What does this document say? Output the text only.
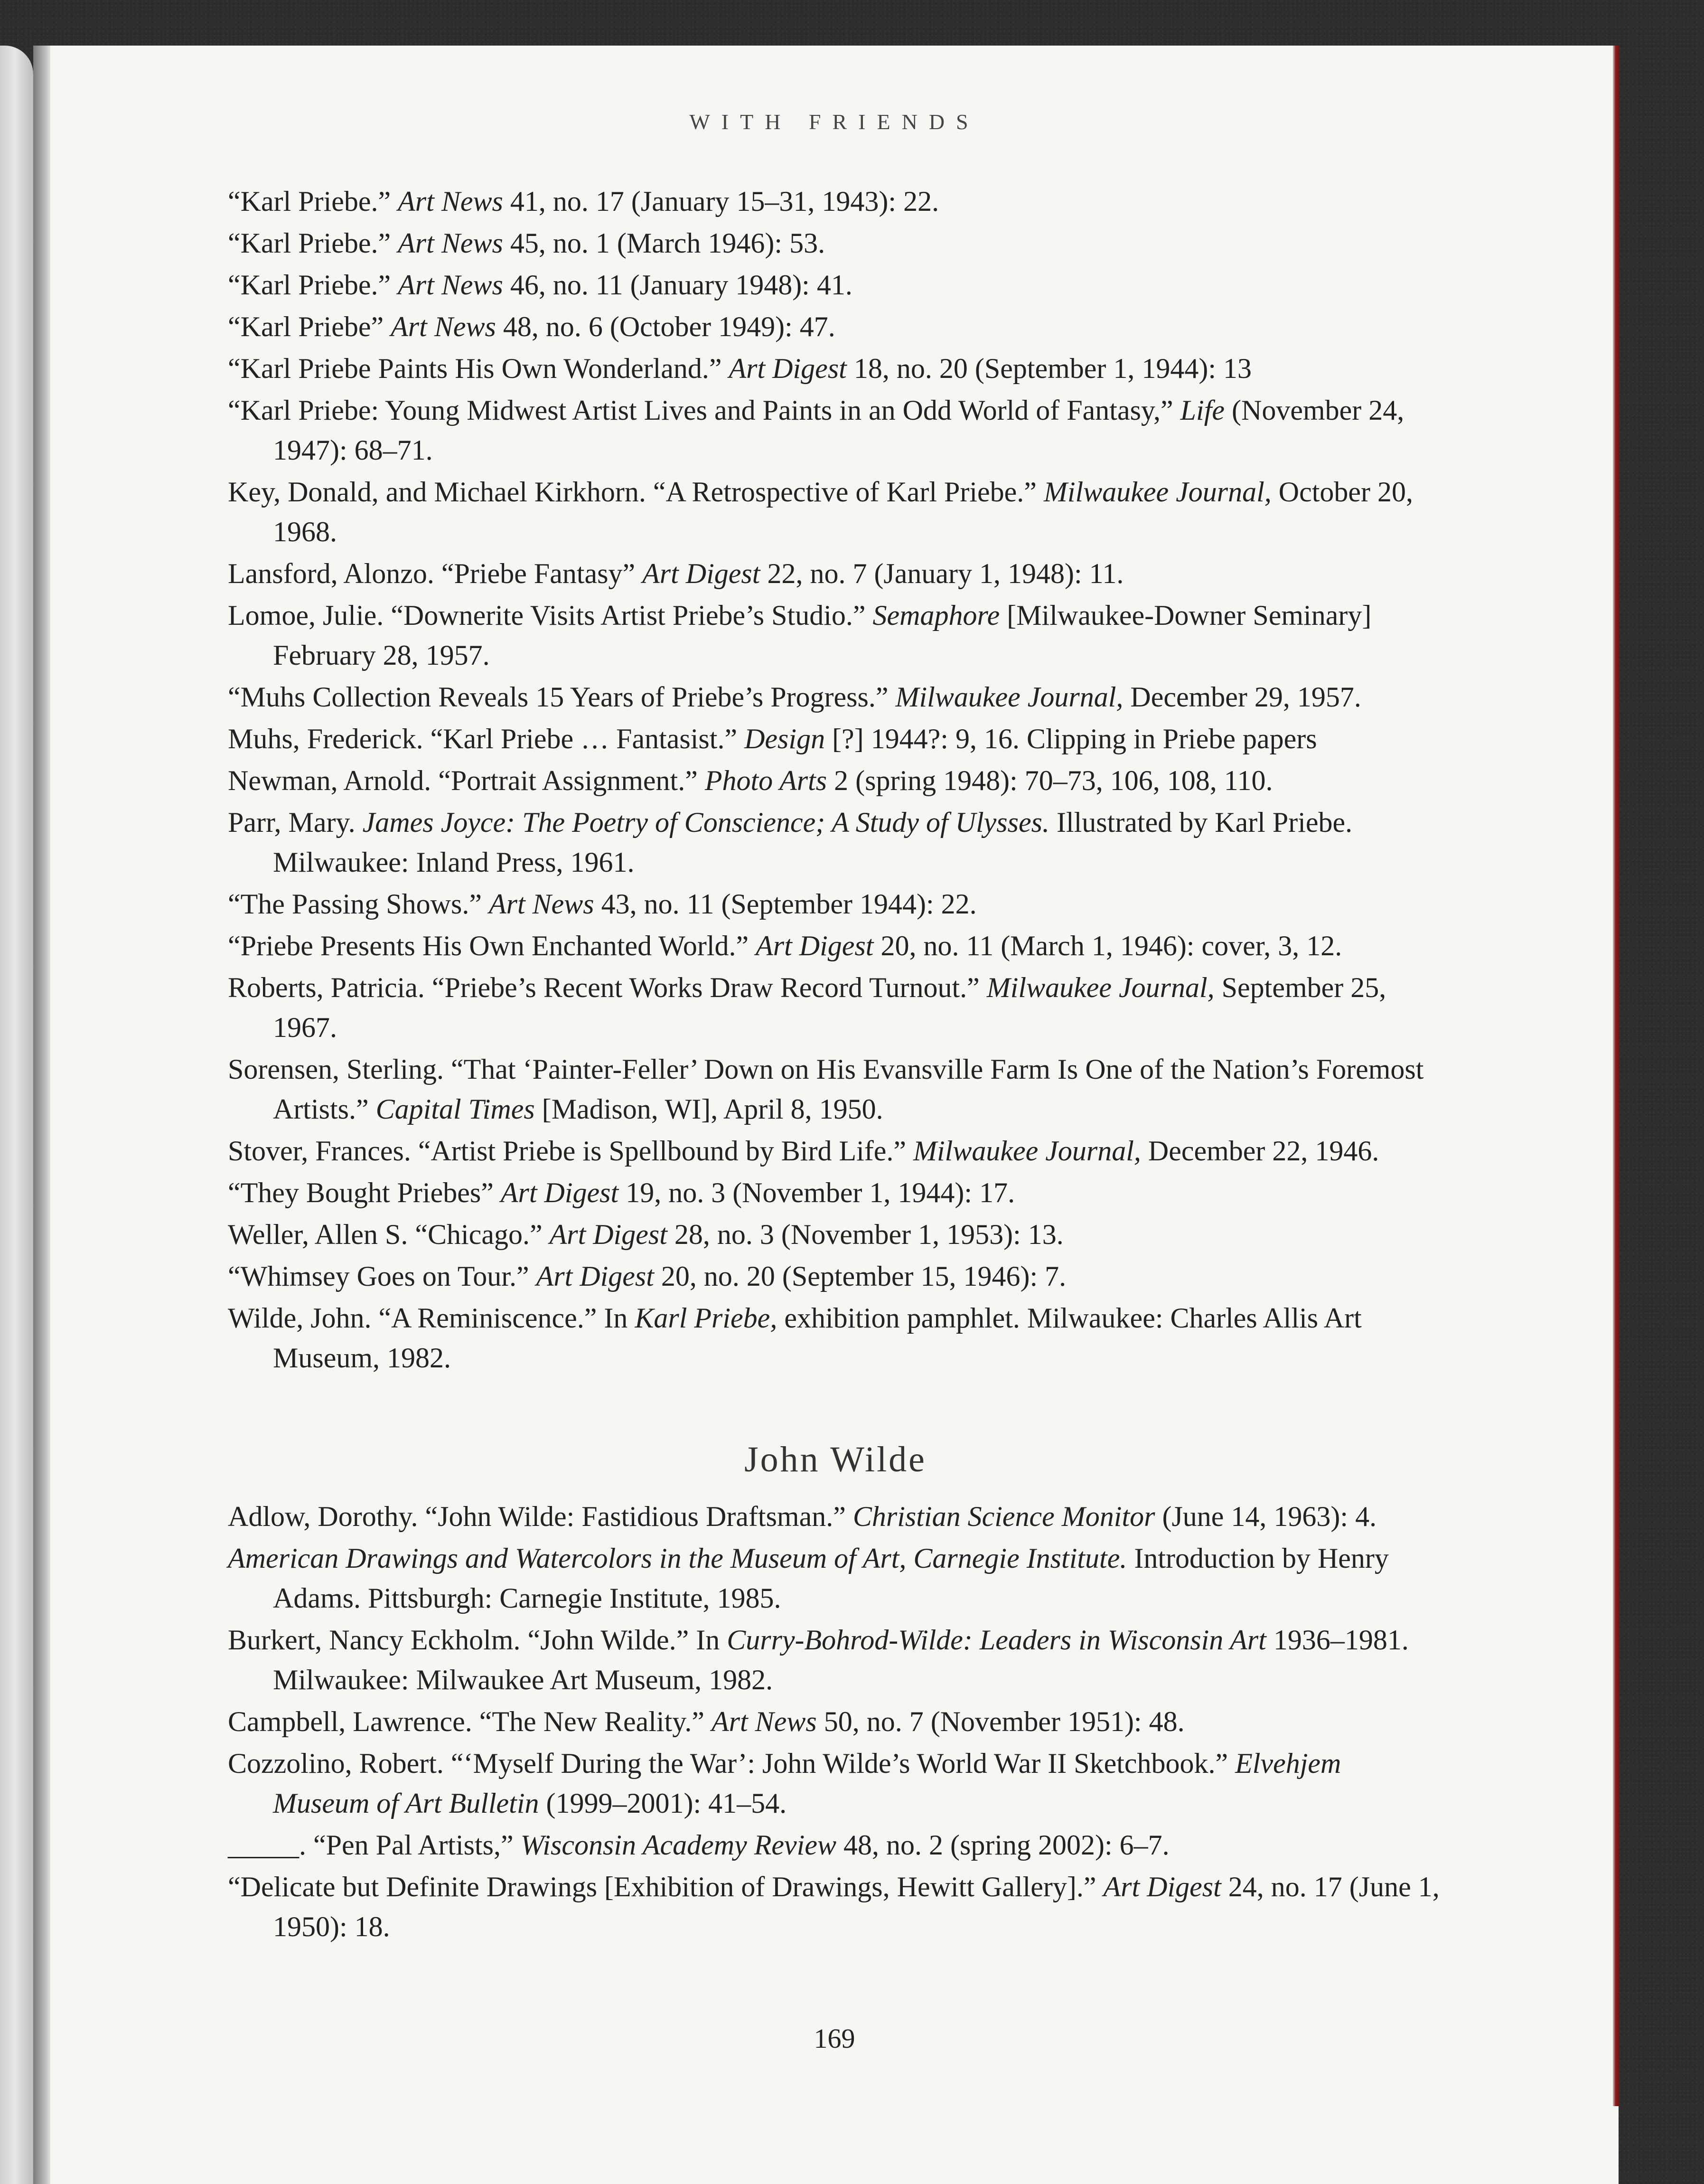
WITH FRIENDS

“Karl Priebe.” Art News 41, no. 17 (January 15–31, 1943): 22.

“Karl Priebe.” Art News 45, no. 1 (March 1946): 53.

“Karl Priebe.” Art News 46, no. 11 (January 1948): 41.

“Karl Priebe” Art News 48, no. 6 (October 1949): 47.

“Karl Priebe Paints His Own Wonderland.” Art Digest 18, no. 20 (September 1, 1944): 13

“Karl Priebe: Young Midwest Artist Lives and Paints in an Odd World of Fantasy,” Life (November 24, 1947): 68–71.

Key, Donald, and Michael Kirkhorn. “A Retrospective of Karl Priebe.” Milwaukee Journal, October 20, 1968.

Lansford, Alonzo. “Priebe Fantasy” Art Digest 22, no. 7 (January 1, 1948): 11.

Lomoe, Julie. “Downerite Visits Artist Priebe’s Studio.” Semaphore [Milwaukee-Downer Seminary] February 28, 1957.

“Muhs Collection Reveals 15 Years of Priebe’s Progress.” Milwaukee Journal, December 29, 1957.

Muhs, Frederick. “Karl Priebe … Fantasist.” Design [?] 1944?: 9, 16. Clipping in Priebe papers

Newman, Arnold. “Portrait Assignment.” Photo Arts 2 (spring 1948): 70–73, 106, 108, 110.

Parr, Mary. James Joyce: The Poetry of Conscience; A Study of Ulysses. Illustrated by Karl Priebe. Milwaukee: Inland Press, 1961.

“The Passing Shows.” Art News 43, no. 11 (September 1944): 22.

“Priebe Presents His Own Enchanted World.” Art Digest 20, no. 11 (March 1, 1946): cover, 3, 12.

Roberts, Patricia. “Priebe’s Recent Works Draw Record Turnout.” Milwaukee Journal, September 25, 1967.

Sorensen, Sterling. “That ‘Painter-Feller’ Down on His Evansville Farm Is One of the Nation’s Foremost Artists.” Capital Times [Madison, WI], April 8, 1950.

Stover, Frances. “Artist Priebe is Spellbound by Bird Life.” Milwaukee Journal, December 22, 1946.

“They Bought Priebes” Art Digest 19, no. 3 (November 1, 1944): 17.

Weller, Allen S. “Chicago.” Art Digest 28, no. 3 (November 1, 1953): 13.

“Whimsey Goes on Tour.” Art Digest 20, no. 20 (September 15, 1946): 7.

Wilde, John. “A Reminiscence.” In Karl Priebe, exhibition pamphlet. Milwaukee: Charles Allis Art Museum, 1982.

John Wilde

Adlow, Dorothy. “John Wilde: Fastidious Draftsman.” Christian Science Monitor (June 14, 1963): 4.

American Drawings and Watercolors in the Museum of Art, Carnegie Institute. Introduction by Henry Adams. Pittsburgh: Carnegie Institute, 1985.

Burkert, Nancy Eckholm. “John Wilde.” In Curry-Bohrod-Wilde: Leaders in Wisconsin Art 1936–1981. Milwaukee: Milwaukee Art Museum, 1982.

Campbell, Lawrence. “The New Reality.” Art News 50, no. 7 (November 1951): 48.

Cozzolino, Robert. “‘Myself During the War’: John Wilde’s World War II Sketchbook.” Elvehjem Museum of Art Bulletin (1999–2001): 41–54.

_____. “Pen Pal Artists,” Wisconsin Academy Review 48, no. 2 (spring 2002): 6–7.

“Delicate but Definite Drawings [Exhibition of Drawings, Hewitt Gallery].” Art Digest 24, no. 17 (June 1, 1950): 18.

169
